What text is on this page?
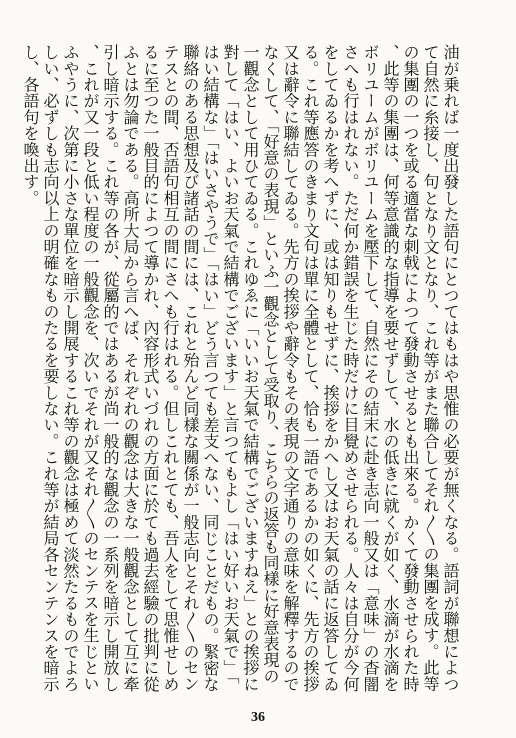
油が乗れば一度出發した語句にとつてはもはや思惟の必要が無くなる。語詞が聯想によつて自然に糸接し、句となり文となり、これ等がまた聯合してそれ〳〵の集團を成す。此等の集團の一つを或る適當な刺戟によつて發動させるとも出來る。かくて發動させられた時、此等の集團は、何等意識的な指導を要せずして、水の低きに就くが如く、水滴が水滴をボリユームがボリユームを壓下して、自然にその結末に赴き志向一般又は「意味」の杳闇さへも行はれない。ただ何か錯誤を生じた時だけに目覺めさせられる。人々は自分が今何をしてゐるかを考へずに、或は知りもせずに、挨拶をかへし又はお天氣の話に返答してゐる。これ等應答のきまり文句は單に全體として、恰も一語であるかの如くに、先方の挨拶又は辭令に聯結してゐる。先方の挨拶や辭令もその表現の文字通りの意味を解釋するのでなくして、「好意の表現」といふ一觀念として受取り、こちらの返答も同樣に好意表現の一觀念として用ひてゐる。これゆゑに「いいお天氣で結構でございますねえ」との挨拶に對して「はい、よいお天氣で結構でございます」と言つてもよし「はい好いお天氣で」「はい結構な」「はいさやうで」「はい」どう言つても差支へない、同じことだもの。緊密な聯絡のある思想及び諸話の間には、これと殆んど同樣な關係が一般志向とそれ〳〵のセンテスとの間、否語句相互の間にさへも行はれる。但しこれとても、吾人をして思惟せしめるに至つた一般目的によつて導かれ、內容形式いづれの方面に於ても過去經驗の批判に從ふとは勿論である。高所大局から言へば、それぞれの觀念は大きな一般觀念として互に牽引し暗示する。これ等の各が、從屬的ではあるが尚一般的な觀念の一系列を暗示し開放し、これが又一段と低い程度の一般觀念を、次いでそれが又それ〳〵のセンテスを生じといふやうに、次第に小さな單位を暗示し開展するこれ等の觀念は極めて淡然たるものでよろしい、必ずしも志向以上の明確なものたるを要しない。これ等が結局各センテンスを暗示し、各語句を喚出す。
36
